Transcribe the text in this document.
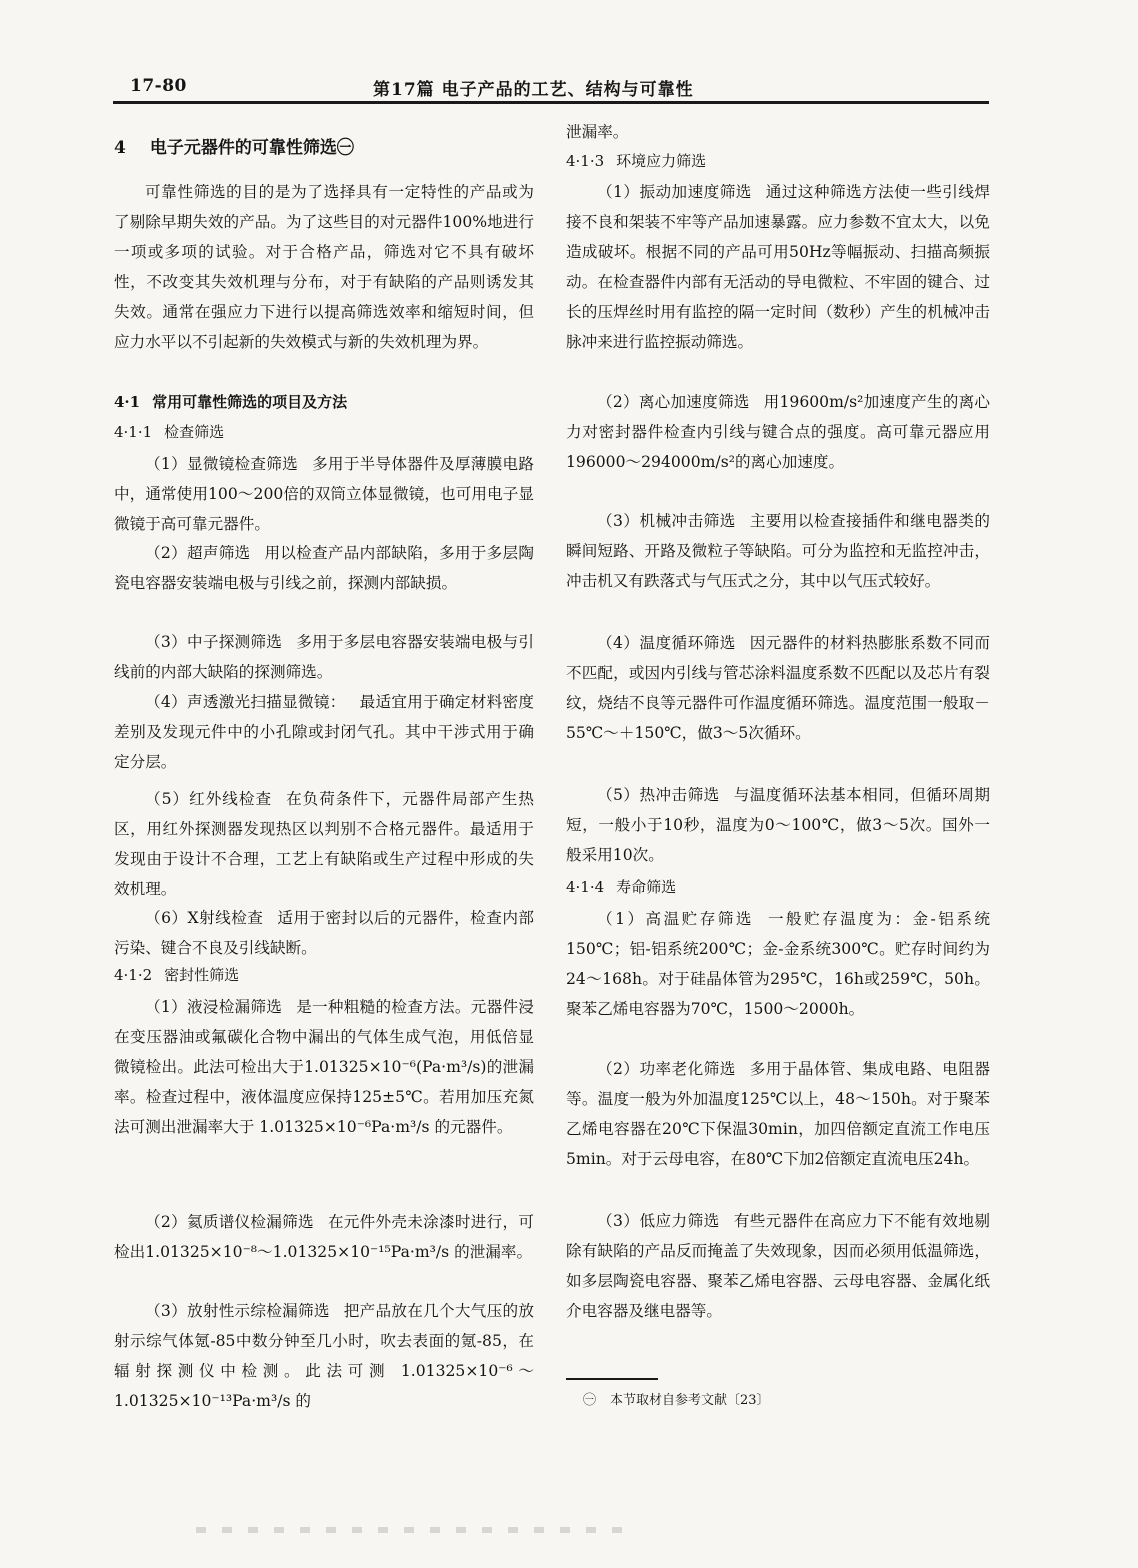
17-80	第17篇 电子产品的工艺、结构与可靠性
4 电子元器件的可靠性筛选㊀
可靠性筛选的目的是为了选择具有一定特性的产品或为了剔除早期失效的产品。为了这些目的对元器件100%地进行一项或多项的试验。对于合格产品，筛选对它不具有破坏性，不改变其失效机理与分布，对于有缺陷的产品则诱发其失效。通常在强应力下进行以提高筛选效率和缩短时间，但应力水平以不引起新的失效模式与新的失效机理为界。
4·1 常用可靠性筛选的项目及方法
4·1·1 检查筛选
（1）显微镜检查筛选 多用于半导体器件及厚薄膜电路中，通常使用100～200倍的双筒立体显微镜，也可用电子显微镜于高可靠元器件。
（2）超声筛选 用以检查产品内部缺陷，多用于多层陶瓷电容器安装端电极与引线之前，探测内部缺损。
（3）中子探测筛选 多用于多层电容器安装端电极与引线前的内部大缺陷的探测筛选。
（4）声透激光扫描显微镜： 最适宜用于确定材料密度差别及发现元件中的小孔隙或封闭气孔。其中干涉式用于确定分层。
（5）红外线检查 在负荷条件下，元器件局部产生热区，用红外探测器发现热区以判别不合格元器件。最适用于发现由于设计不合理，工艺上有缺陷或生产过程中形成的失效机理。
（6）X射线检查 适用于密封以后的元器件，检查内部污染、键合不良及引线缺断。
4·1·2 密封性筛选
（1）液浸检漏筛选 是一种粗糙的检查方法。元器件浸在变压器油或氟碳化合物中漏出的气体生成气泡，用低倍显微镜检出。此法可检出大于1.01325×10⁻⁶(Pa·m³/s)的泄漏率。检查过程中，液体温度应保持125±5℃。若用加压充氮法可测出泄漏率大于 1.01325×10⁻⁶Pa·m³/s 的元器件。
（2）氦质谱仪检漏筛选 在元件外壳未涂漆时进行，可检出1.01325×10⁻⁸～1.01325×10⁻¹⁵Pa·m³/s 的泄漏率。
（3）放射性示综检漏筛选 把产品放在几个大气压的放射示综气体氪-85中数分钟至几小时，吹去表面的氪-85，在辐射探测仪中检测。此法可测 1.01325×10⁻⁶～1.01325×10⁻¹³Pa·m³/s 的
泄漏率。
4·1·3 环境应力筛选
（1）振动加速度筛选 通过这种筛选方法使一些引线焊接不良和架装不牢等产品加速暴露。应力参数不宜太大，以免造成破坏。根据不同的产品可用50Hz等幅振动、扫描高频振动。在检查器件内部有无活动的导电微粒、不牢固的键合、过长的压焊丝时用有监控的隔一定时间（数秒）产生的机械冲击脉冲来进行监控振动筛选。
（2）离心加速度筛选 用19600m/s²加速度产生的离心力对密封器件检查内引线与键合点的强度。高可靠元器应用196000～294000m/s²的离心加速度。
（3）机械冲击筛选 主要用以检查接插件和继电器类的瞬间短路、开路及微粒子等缺陷。可分为监控和无监控冲击，冲击机又有跌落式与气压式之分，其中以气压式较好。
（4）温度循环筛选 因元器件的材料热膨胀系数不同而不匹配，或因内引线与管芯涂料温度系数不匹配以及芯片有裂纹，烧结不良等元器件可作温度循环筛选。温度范围一般取－55℃～＋150℃，做3～5次循环。
（5）热冲击筛选 与温度循环法基本相同，但循环周期短，一般小于10秒，温度为0～100℃，做3～5次。国外一般采用10次。
4·1·4 寿命筛选
（1）高温贮存筛选 一般贮存温度为：金-铝系统150℃；铝-铝系统200℃；金-金系统300℃。贮存时间约为24～168h。对于硅晶体管为295℃，16h或259℃，50h。聚苯乙烯电容器为70℃，1500～2000h。
（2）功率老化筛选 多用于晶体管、集成电路、电阻器等。温度一般为外加温度125℃以上，48～150h。对于聚苯乙烯电容器在20℃下保温30min，加四倍额定直流工作电压5min。对于云母电容，在80℃下加2倍额定直流电压24h。
（3）低应力筛选 有些元器件在高应力下不能有效地剔除有缺陷的产品反而掩盖了失效现象，因而必须用低温筛选，如多层陶瓷电容器、聚苯乙烯电容器、云母电容器、金属化纸介电容器及继电器等。
㊀ 本节取材自参考文献〔23〕
